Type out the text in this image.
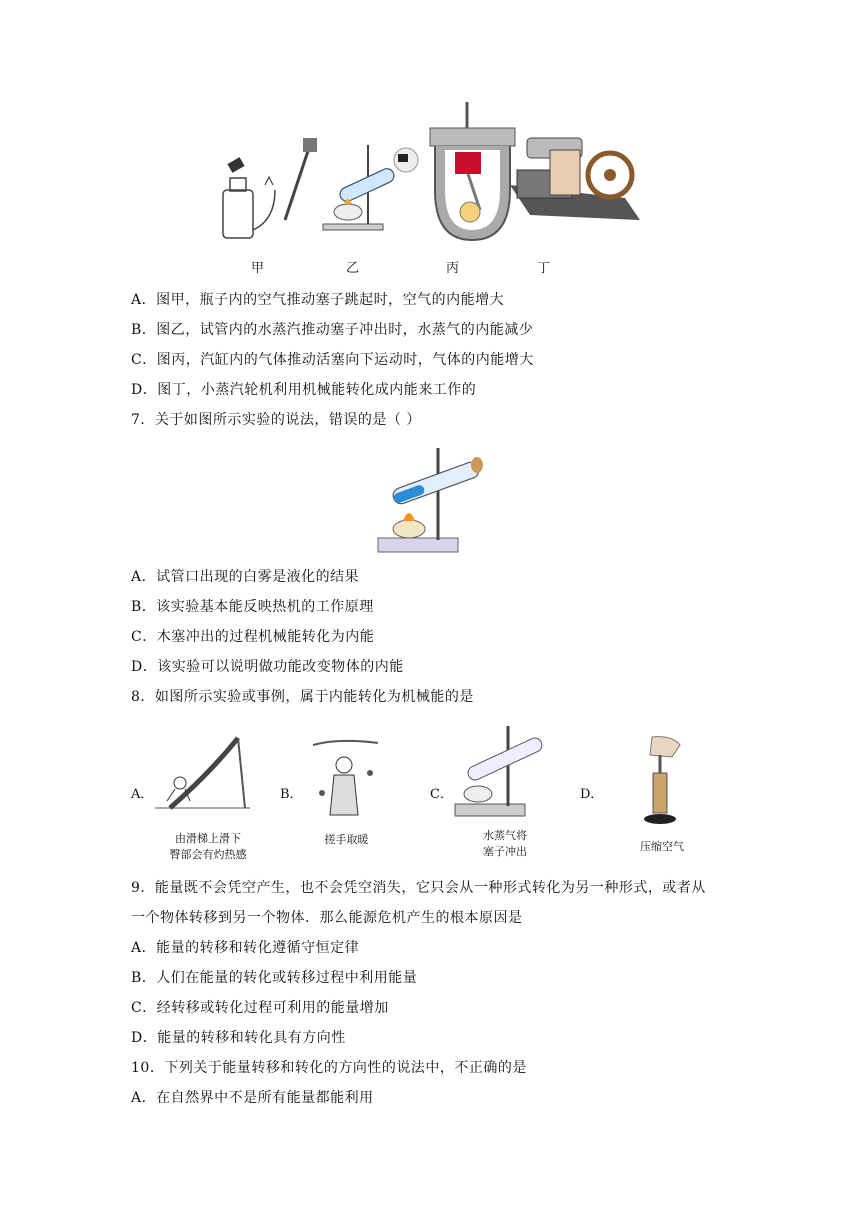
甲	乙	丙	丁
A．图甲，瓶子内的空气推动塞子跳起时，空气的内能增大
B．图乙，试管内的水蒸汽推动塞子冲出时，水蒸气的内能减少
C．图丙，汽缸内的气体推动活塞向下运动时，气体的内能增大
D．图丁，小蒸汽轮机利用机械能转化成内能来工作的
7．关于如图所示实验的说法，错误的是（ ）
A．试管口出现的白雾是液化的结果
B．该实验基本能反映热机的工作原理
C．木塞冲出的过程机械能转化为内能
D．该实验可以说明做功能改变物体的内能
8．如图所示实验或事例，属于内能转化为机械能的是
A．
由滑梯上滑下
臀部会有灼热感
B．
搓手取暖
C．
水蒸气将
塞子冲出
D．
压缩空气
9．能量既不会凭空产生，也不会凭空消失，它只会从一种形式转化为另一种形式，或者从
一个物体转移到另一个物体．那么能源危机产生的根本原因是
A．能量的转移和转化遵循守恒定律
B．人们在能量的转化或转移过程中利用能量
C．经转移或转化过程可利用的能量增加
D．能量的转移和转化具有方向性
10．下列关于能量转移和转化的方向性的说法中，不正确的是
A．在自然界中不是所有能量都能利用
